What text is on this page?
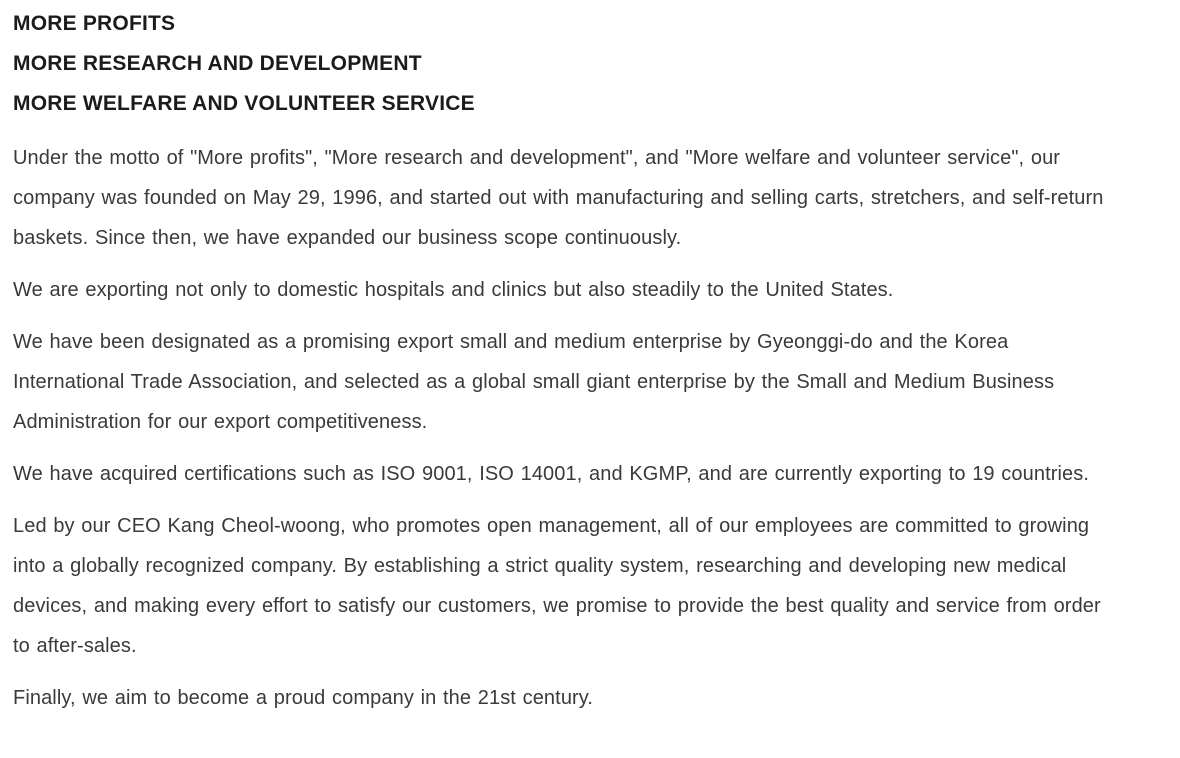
MORE PROFITS
MORE RESEARCH AND DEVELOPMENT
MORE WELFARE AND VOLUNTEER SERVICE

Under the motto of "More profits", "More research and development", and "More welfare and volunteer service", our company was founded on May 29, 1996, and started out with manufacturing and selling carts, stretchers, and self-return baskets. Since then, we have expanded our business scope continuously.

We are exporting not only to domestic hospitals and clinics but also steadily to the United States.

We have been designated as a promising export small and medium enterprise by Gyeonggi-do and the Korea International Trade Association, and selected as a global small giant enterprise by the Small and Medium Business Administration for our export competitiveness.

We have acquired certifications such as ISO 9001, ISO 14001, and KGMP, and are currently exporting to 19 countries.

Led by our CEO Kang Cheol-woong, who promotes open management, all of our employees are committed to growing into a globally recognized company. By establishing a strict quality system, researching and developing new medical devices, and making every effort to satisfy our customers, we promise to provide the best quality and service from order to after-sales.

Finally, we aim to become a proud company in the 21st century.
